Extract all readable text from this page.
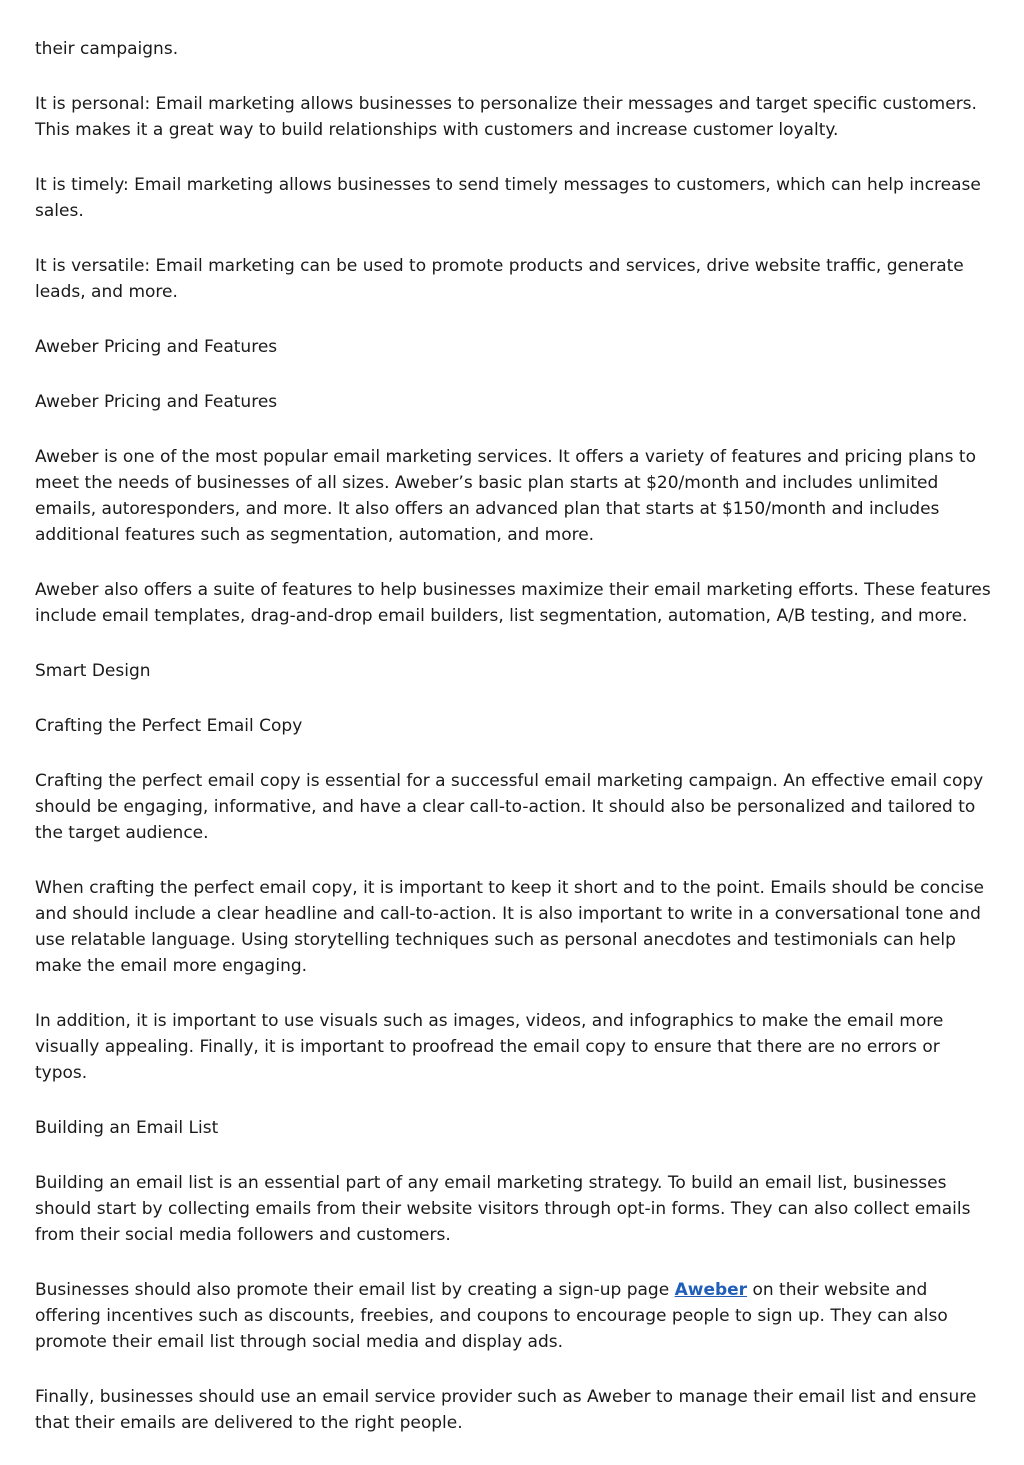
their campaigns.

It is personal: Email marketing allows businesses to personalize their messages and target specific customers. This makes it a great way to build relationships with customers and increase customer loyalty.

It is timely: Email marketing allows businesses to send timely messages to customers, which can help increase sales.

It is versatile: Email marketing can be used to promote products and services, drive website traffic, generate leads, and more.

Aweber Pricing and Features

Aweber Pricing and Features

Aweber is one of the most popular email marketing services. It offers a variety of features and pricing plans to meet the needs of businesses of all sizes. Aweber’s basic plan starts at $20/month and includes unlimited emails, autoresponders, and more. It also offers an advanced plan that starts at $150/month and includes additional features such as segmentation, automation, and more.

Aweber also offers a suite of features to help businesses maximize their email marketing efforts. These features include email templates, drag-and-drop email builders, list segmentation, automation, A/B testing, and more.

Smart Design

Crafting the Perfect Email Copy

Crafting the perfect email copy is essential for a successful email marketing campaign. An effective email copy should be engaging, informative, and have a clear call-to-action. It should also be personalized and tailored to the target audience.

When crafting the perfect email copy, it is important to keep it short and to the point. Emails should be concise and should include a clear headline and call-to-action. It is also important to write in a conversational tone and use relatable language. Using storytelling techniques such as personal anecdotes and testimonials can help make the email more engaging.

In addition, it is important to use visuals such as images, videos, and infographics to make the email more visually appealing. Finally, it is important to proofread the email copy to ensure that there are no errors or typos.

Building an Email List

Building an email list is an essential part of any email marketing strategy. To build an email list, businesses should start by collecting emails from their website visitors through opt-in forms. They can also collect emails from their social media followers and customers.

Businesses should also promote their email list by creating a sign-up page Aweber on their website and offering incentives such as discounts, freebies, and coupons to encourage people to sign up. They can also promote their email list through social media and display ads.

Finally, businesses should use an email service provider such as Aweber to manage their email list and ensure that their emails are delivered to the right people.
